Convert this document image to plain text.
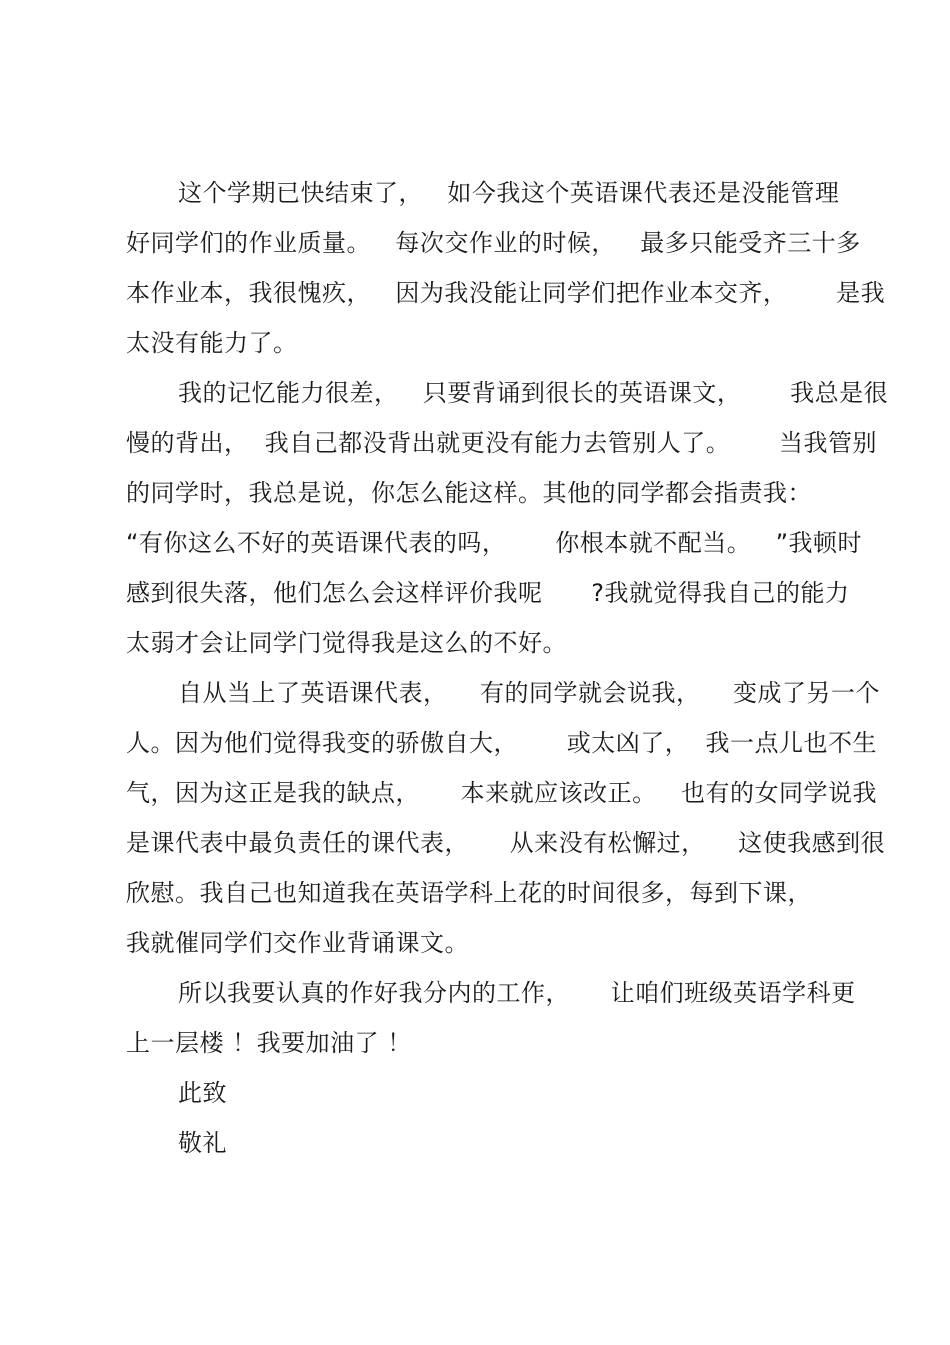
这个学期已快结束了，   如今我这个英语课代表还是没能管理
好同学们的作业质量。   每次交作业的时候，   最多只能受齐三十多
本作业本，我很愧疚，   因为我没能让同学们把作业本交齐，      是我
太没有能力了。
我的记忆能力很差，   只要背诵到很长的英语课文，      我总是很
慢的背出，  我自己都没背出就更没有能力去管别人了。      当我管别
的同学时，我总是说，你怎么能这样。其他的同学都会指责我：
“有你这么不好的英语课代表的吗，      你根本就不配当。   ”我顿时
感到很失落，他们怎么会这样评价我呢      ?我就觉得我自己的能力
太弱才会让同学门觉得我是这么的不好。
自从当上了英语课代表，    有的同学就会说我，    变成了另一个
人。因为他们觉得我变的骄傲自大，      或太凶了，  我一点儿也不生
气，因为这正是我的缺点，     本来就应该改正。   也有的女同学说我
是课代表中最负责任的课代表，     从来没有松懈过，    这使我感到很
欣慰。我自己也知道我在英语学科上花的时间很多，每到下课，
我就催同学们交作业背诵课文。
所以我要认真的作好我分内的工作，     让咱们班级英语学科更
上一层楼 ！我要加油了 ！
此致
敬礼
